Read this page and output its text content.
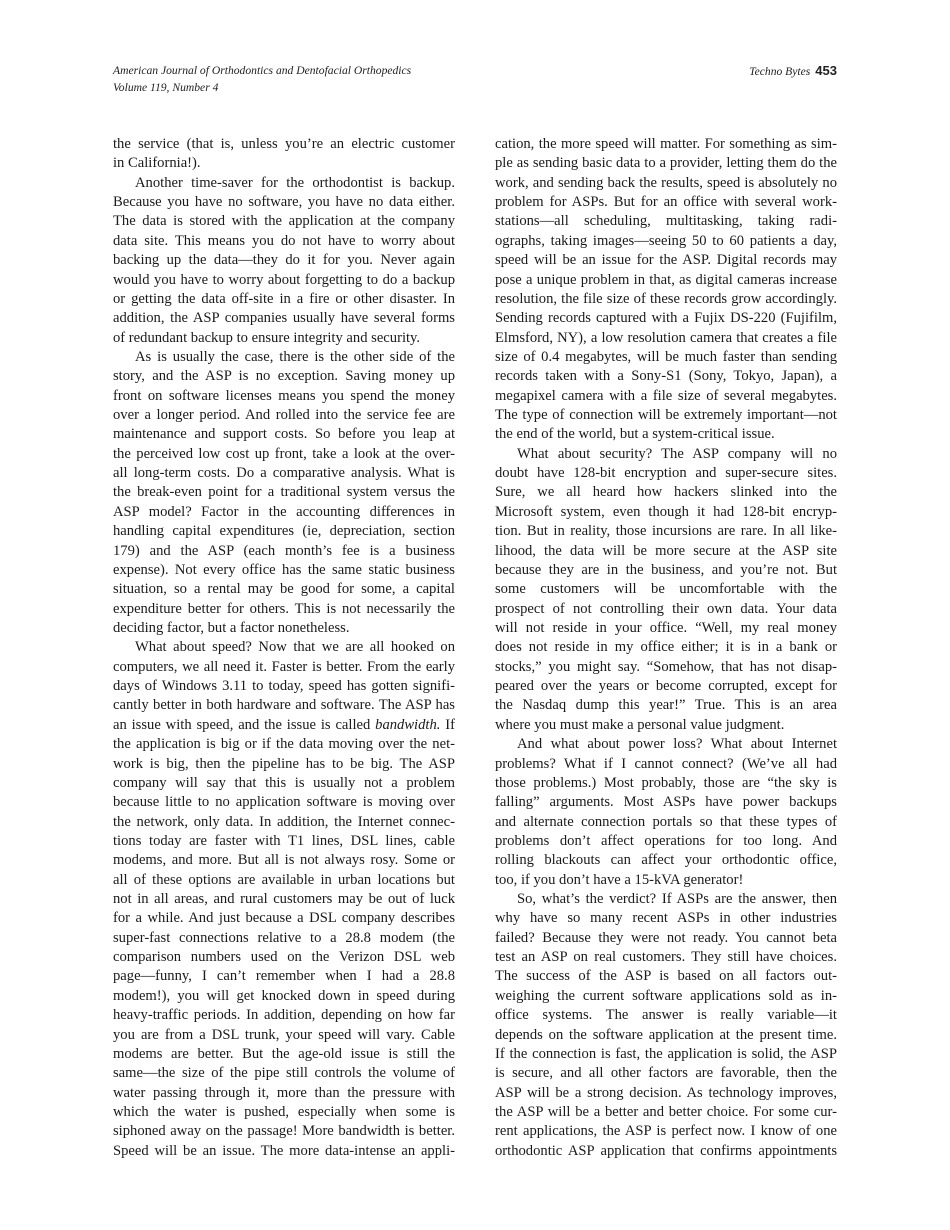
American Journal of Orthodontics and Dentofacial Orthopedics
Volume 119, Number 4
Techno Bytes 453
the service (that is, unless you’re an electric customer
in California!).
Another time-saver for the orthodontist is backup.
Because you have no software, you have no data either.
The data is stored with the application at the company
data site. This means you do not have to worry about
backing up the data—they do it for you. Never again
would you have to worry about forgetting to do a backup
or getting the data off-site in a fire or other disaster. In
addition, the ASP companies usually have several forms
of redundant backup to ensure integrity and security.
As is usually the case, there is the other side of the
story, and the ASP is no exception. Saving money up
front on software licenses means you spend the money
over a longer period. And rolled into the service fee are
maintenance and support costs. So before you leap at
the perceived low cost up front, take a look at the over-
all long-term costs. Do a comparative analysis. What is
the break-even point for a traditional system versus the
ASP model? Factor in the accounting differences in
handling capital expenditures (ie, depreciation, section
179) and the ASP (each month’s fee is a business
expense). Not every office has the same static business
situation, so a rental may be good for some, a capital
expenditure better for others. This is not necessarily the
deciding factor, but a factor nonetheless.
What about speed? Now that we are all hooked on
computers, we all need it. Faster is better. From the early
days of Windows 3.11 to today, speed has gotten signifi-
cantly better in both hardware and software. The ASP has
an issue with speed, and the issue is called bandwidth. If
the application is big or if the data moving over the net-
work is big, then the pipeline has to be big. The ASP
company will say that this is usually not a problem
because little to no application software is moving over
the network, only data. In addition, the Internet connec-
tions today are faster with T1 lines, DSL lines, cable
modems, and more. But all is not always rosy. Some or
all of these options are available in urban locations but
not in all areas, and rural customers may be out of luck
for a while. And just because a DSL company describes
super-fast connections relative to a 28.8 modem (the
comparison numbers used on the Verizon DSL web
page—funny, I can’t remember when I had a 28.8
modem!), you will get knocked down in speed during
heavy-traffic periods. In addition, depending on how far
you are from a DSL trunk, your speed will vary. Cable
modems are better. But the age-old issue is still the
same—the size of the pipe still controls the volume of
water passing through it, more than the pressure with
which the water is pushed, especially when some is
siphoned away on the passage! More bandwidth is better.
Speed will be an issue. The more data-intense an appli-
cation, the more speed will matter. For something as sim-
ple as sending basic data to a provider, letting them do the
work, and sending back the results, speed is absolutely no
problem for ASPs. But for an office with several work-
stations—all scheduling, multitasking, taking radi-
ographs, taking images—seeing 50 to 60 patients a day,
speed will be an issue for the ASP. Digital records may
pose a unique problem in that, as digital cameras increase
resolution, the file size of these records grow accordingly.
Sending records captured with a Fujix DS-220 (Fujifilm,
Elmsford, NY), a low resolution camera that creates a file
size of 0.4 megabytes, will be much faster than sending
records taken with a Sony-S1 (Sony, Tokyo, Japan), a
megapixel camera with a file size of several megabytes.
The type of connection will be extremely important—not
the end of the world, but a system-critical issue.
What about security? The ASP company will no
doubt have 128-bit encryption and super-secure sites.
Sure, we all heard how hackers slinked into the
Microsoft system, even though it had 128-bit encryp-
tion. But in reality, those incursions are rare. In all like-
lihood, the data will be more secure at the ASP site
because they are in the business, and you’re not. But
some customers will be uncomfortable with the
prospect of not controlling their own data. Your data
will not reside in your office. “Well, my real money
does not reside in my office either; it is in a bank or
stocks,” you might say. “Somehow, that has not disap-
peared over the years or become corrupted, except for
the Nasdaq dump this year!” True. This is an area
where you must make a personal value judgment.
And what about power loss? What about Internet
problems? What if I cannot connect? (We’ve all had
those problems.) Most probably, those are “the sky is
falling” arguments. Most ASPs have power backups
and alternate connection portals so that these types of
problems don’t affect operations for too long. And
rolling blackouts can affect your orthodontic office,
too, if you don’t have a 15-kVA generator!
So, what’s the verdict? If ASPs are the answer, then
why have so many recent ASPs in other industries
failed? Because they were not ready. You cannot beta
test an ASP on real customers. They still have choices.
The success of the ASP is based on all factors out-
weighing the current software applications sold as in-
office systems. The answer is really variable—it
depends on the software application at the present time.
If the connection is fast, the application is solid, the ASP
is secure, and all other factors are favorable, then the
ASP will be a strong decision. As technology improves,
the ASP will be a better and better choice. For some cur-
rent applications, the ASP is perfect now. I know of one
orthodontic ASP application that confirms appointments
